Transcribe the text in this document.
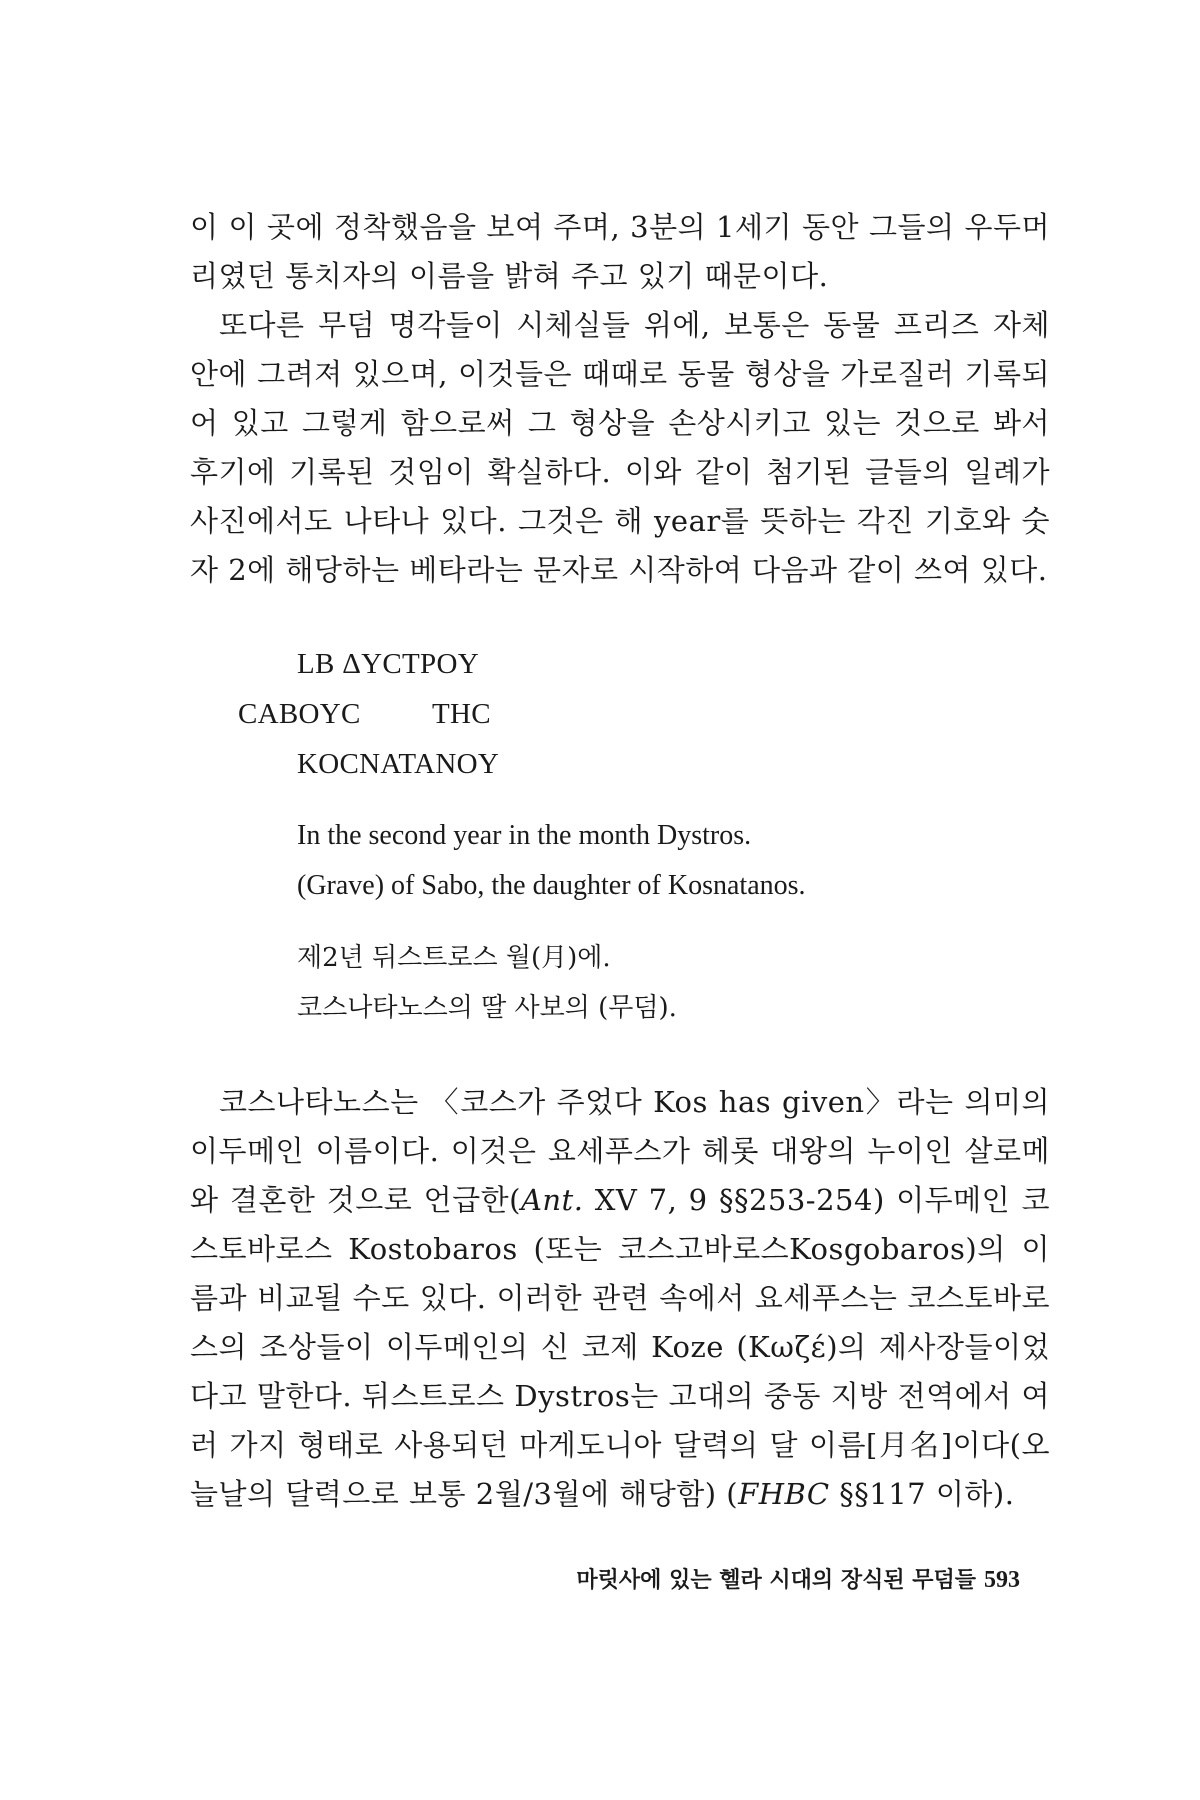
이 이 곳에 정착했음을 보여 주며, 3분의 1세기 동안 그들의 우두머리였던 통치자의 이름을 밝혀 주고 있기 때문이다.

또다른 무덤 명각들이 시체실들 위에, 보통은 동물 프리즈 자체 안에 그려져 있으며, 이것들은 때때로 동물 형상을 가로질러 기록되어 있고 그렇게 함으로써 그 형상을 손상시키고 있는 것으로 봐서 후기에 기록된 것임이 확실하다. 이와 같이 첨기된 글들의 일례가 사진에서도 나타나 있다. 그것은 해 year를 뜻하는 각진 기호와 숫자 2에 해당하는 베타라는 문자로 시작하여 다음과 같이 쓰여 있다.

LB ΔYCTPOY
CABOYC THC
KOCNATANOY
In the second year in the month Dystros.
(Grave) of Sabo, the daughter of Kosnatanos.
제2년 뒤스트로스 월(月)에.
코스나타노스의 딸 사보의 (무덤).

코스나타노스는 〈코스가 주었다 Kos has given〉라는 의미의 이두메인 이름이다. 이것은 요세푸스가 헤롯 대왕의 누이인 살로메와 결혼한 것으로 언급한(Ant. XV 7, 9 §§253-254) 이두메인 코스토바로스 Kostobaros (또는 코스고바로스Kosgobaros)의 이름과 비교될 수도 있다. 이러한 관련 속에서 요세푸스는 코스토바로스의 조상들이 이두메인의 신 코제 Koze (Κωζέ)의 제사장들이었다고 말한다. 뒤스트로스 Dystros는 고대의 중동 지방 전역에서 여러 가지 형태로 사용되던 마게도니아 달력의 달 이름[月名]이다(오늘날의 달력으로 보통 2월/3월에 해당함) (FHBC §§117 이하).

마릿사에 있는 헬라 시대의 장식된 무덤들 593
